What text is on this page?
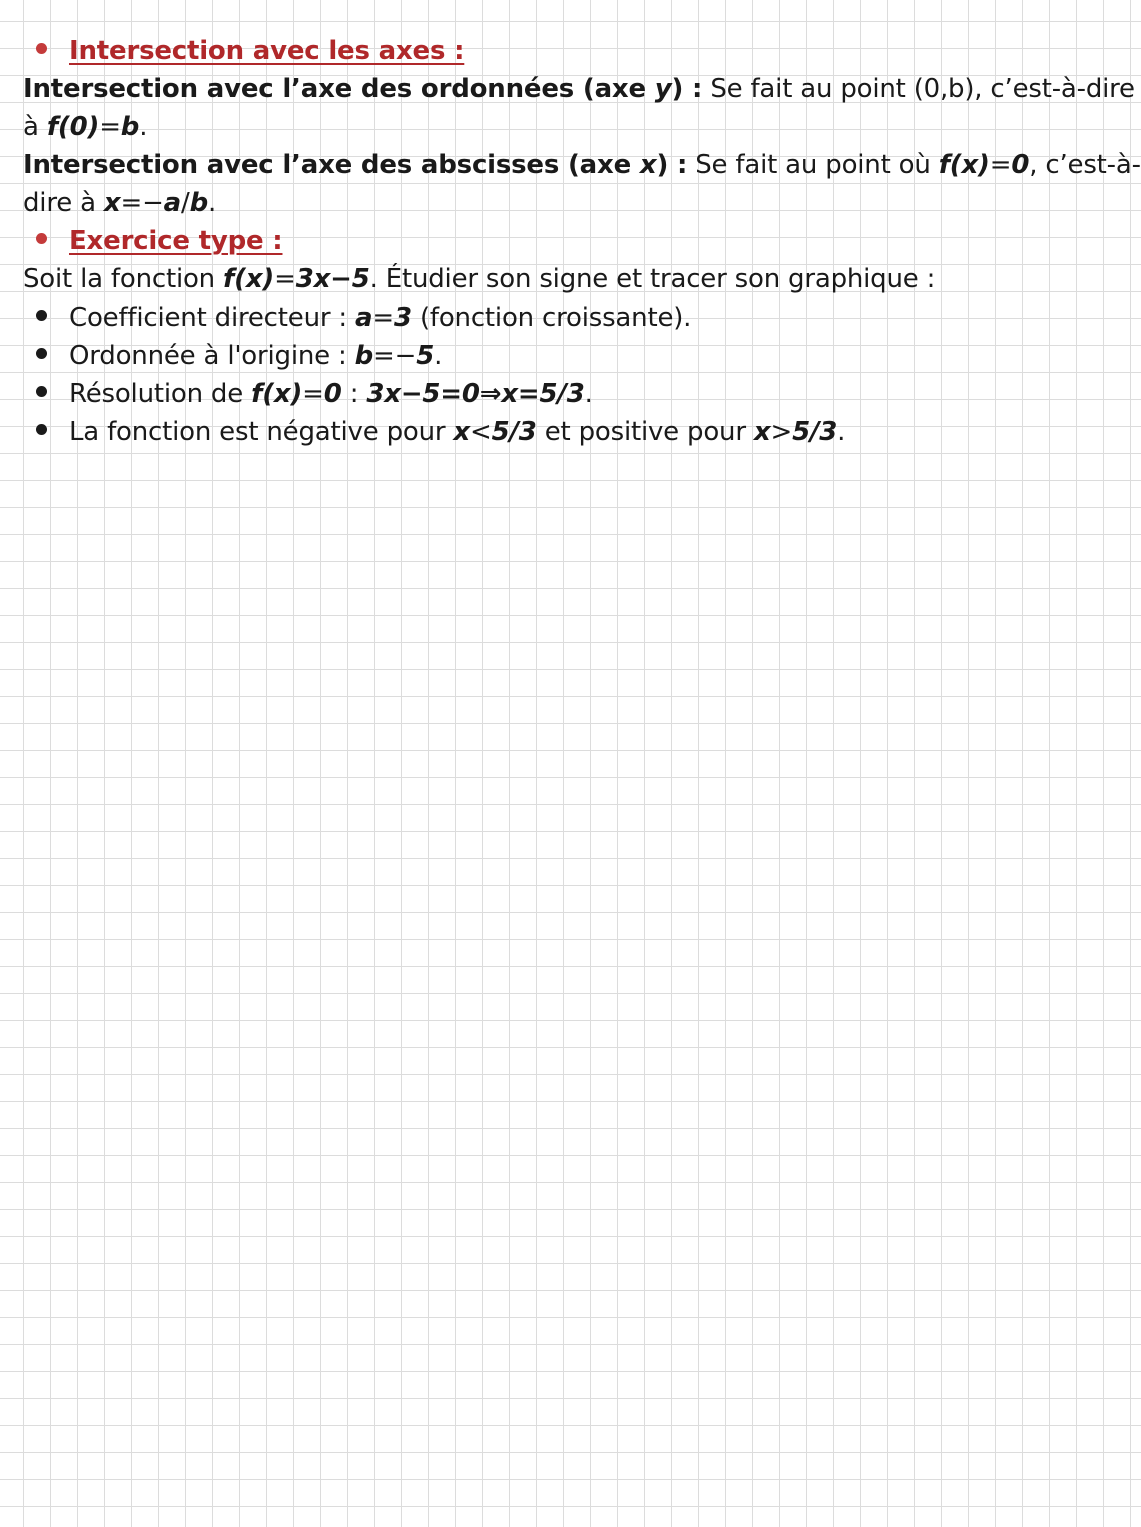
Intersection avec les axes :
Intersection avec l’axe des ordonnées (axe y) : Se fait au point (0,b), c’est-à-dire
à f(0)=b.
Intersection avec l’axe des abscisses (axe x) : Se fait au point où f(x)=0, c’est-à-
dire à x=−a/b.
Exercice type :
Soit la fonction f(x)=3x−5. Étudier son signe et tracer son graphique :
Coefficient directeur : a=3 (fonction croissante).
Ordonnée à l'origine : b=−5.
Résolution de f(x)=0 : 3x−5=0⇒x=5/3.
La fonction est négative pour x<5/3 et positive pour x>5/3.
